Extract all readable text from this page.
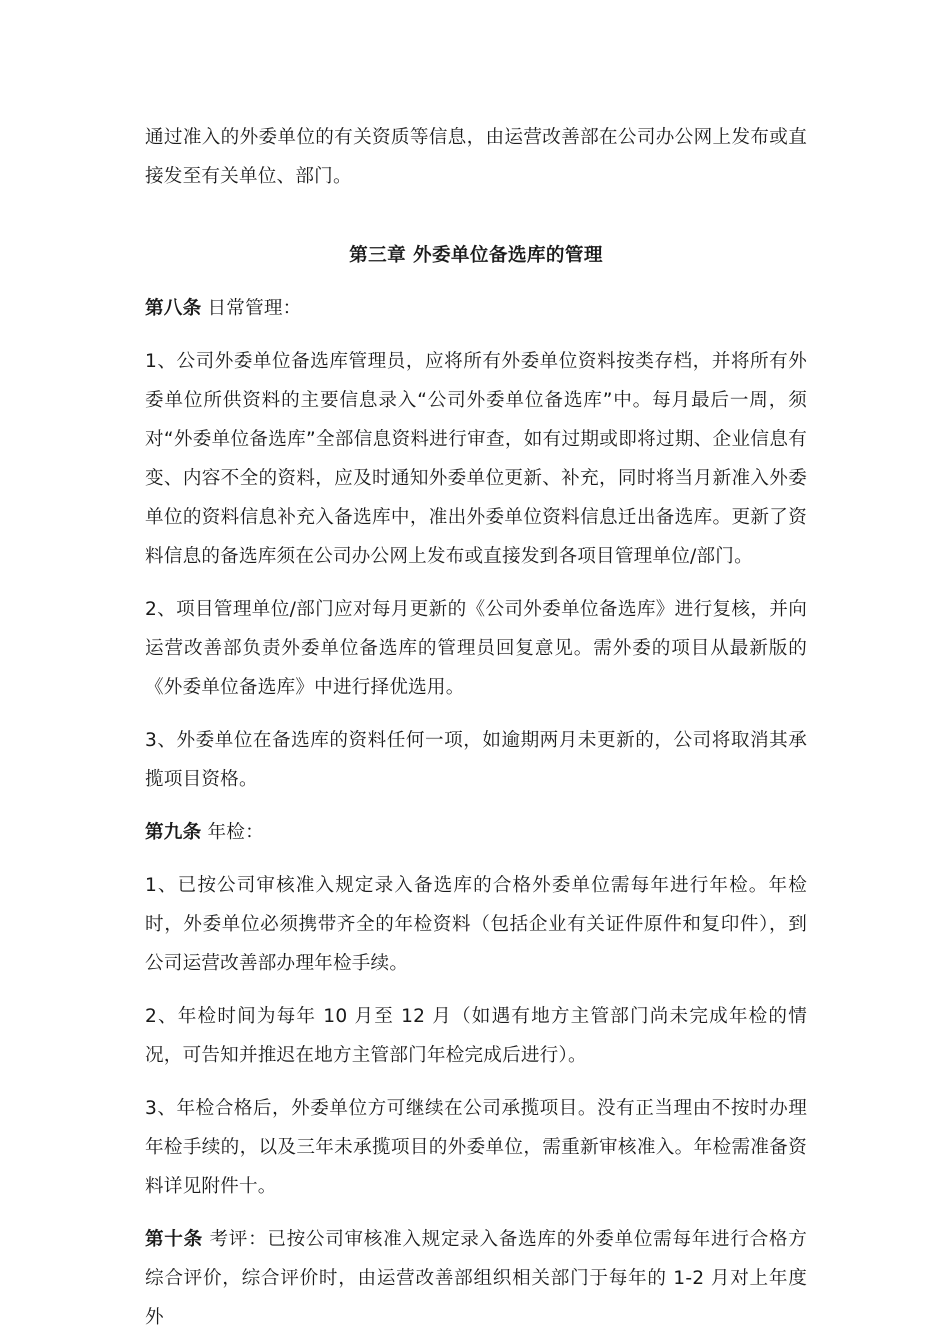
通过准入的外委单位的有关资质等信息，由运营改善部在公司办公网上发布或直接发至有关单位、部门。

第三章 外委单位备选库的管理

第八条 日常管理：

1、公司外委单位备选库管理员，应将所有外委单位资料按类存档，并将所有外委单位所供资料的主要信息录入“公司外委单位备选库”中。每月最后一周，须对“外委单位备选库”全部信息资料进行审查，如有过期或即将过期、企业信息有变、内容不全的资料，应及时通知外委单位更新、补充，同时将当月新准入外委单位的资料信息补充入备选库中，准出外委单位资料信息迁出备选库。更新了资料信息的备选库须在公司办公网上发布或直接发到各项目管理单位/部门。

2、项目管理单位/部门应对每月更新的《公司外委单位备选库》进行复核，并向运营改善部负责外委单位备选库的管理员回复意见。需外委的项目从最新版的《外委单位备选库》中进行择优选用。

3、外委单位在备选库的资料任何一项，如逾期两月未更新的，公司将取消其承揽项目资格。

第九条 年检：

1、已按公司审核准入规定录入备选库的合格外委单位需每年进行年检。年检时，外委单位必须携带齐全的年检资料（包括企业有关证件原件和复印件），到公司运营改善部办理年检手续。

2、年检时间为每年 10 月至 12 月（如遇有地方主管部门尚未完成年检的情况，可告知并推迟在地方主管部门年检完成后进行）。

3、年检合格后，外委单位方可继续在公司承揽项目。没有正当理由不按时办理年检手续的，以及三年未承揽项目的外委单位，需重新审核准入。年检需准备资料详见附件十。

第十条 考评：已按公司审核准入规定录入备选库的外委单位需每年进行合格方综合评价，综合评价时，由运营改善部组织相关部门于每年的 1-2 月对上年度外
